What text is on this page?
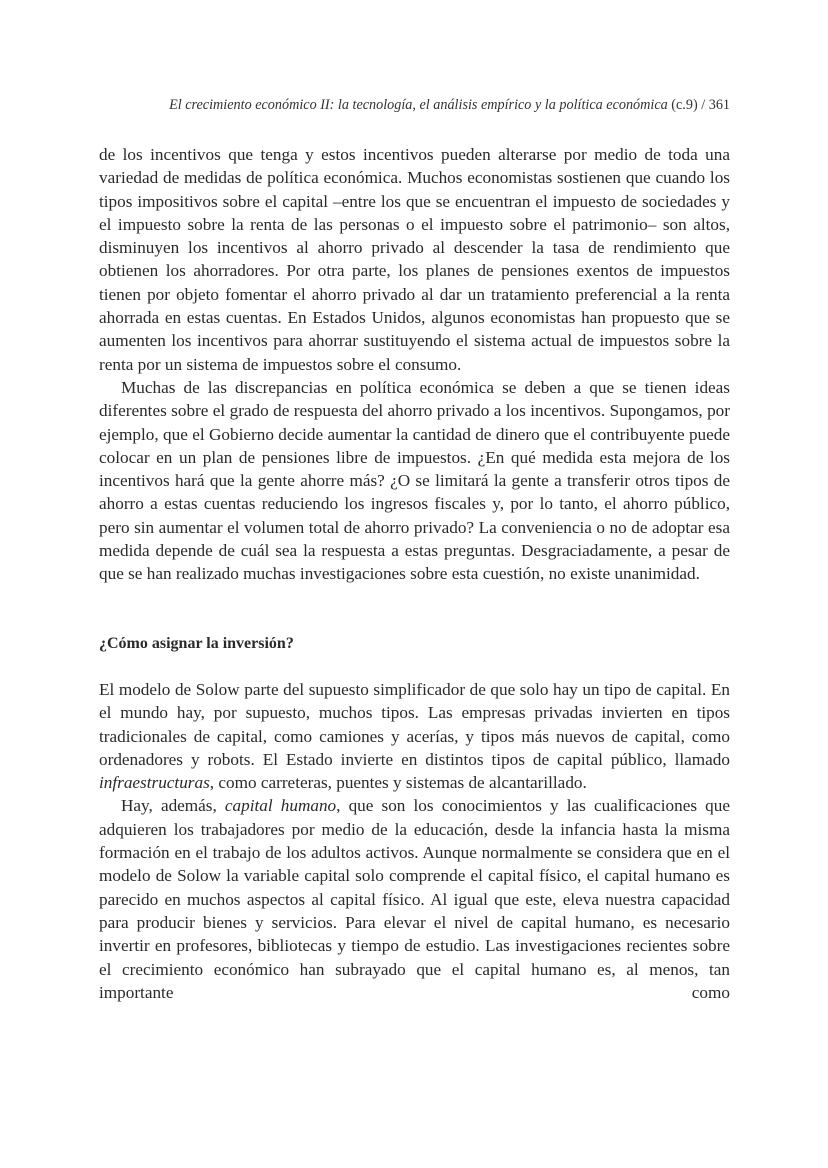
El crecimiento económico II: la tecnología, el análisis empírico y la política económica (c.9) / 361

de los incentivos que tenga y estos incentivos pueden alterarse por medio de toda una variedad de medidas de política económica. Muchos economistas sostienen que cuando los tipos impositivos sobre el capital –entre los que se encuentran el impuesto de sociedades y el impuesto sobre la renta de las personas o el impuesto sobre el patrimonio– son altos, disminuyen los incentivos al ahorro privado al descender la tasa de rendimiento que obtienen los ahorradores. Por otra parte, los planes de pensiones exentos de impuestos tienen por objeto fomentar el ahorro privado al dar un tratamiento preferencial a la renta ahorrada en estas cuentas. En Estados Unidos, algunos economistas han propuesto que se aumenten los incentivos para ahorrar sustituyendo el sistema actual de impuestos sobre la renta por un sistema de impuestos sobre el consumo.

Muchas de las discrepancias en política económica se deben a que se tienen ideas diferentes sobre el grado de respuesta del ahorro privado a los incentivos. Supongamos, por ejemplo, que el Gobierno decide aumentar la cantidad de dinero que el contribuyente puede colocar en un plan de pensiones libre de impuestos. ¿En qué medida esta mejora de los incentivos hará que la gente ahorre más? ¿O se limitará la gente a transferir otros tipos de ahorro a estas cuentas reduciendo los ingresos fiscales y, por lo tanto, el ahorro público, pero sin aumentar el volumen total de ahorro privado? La conveniencia o no de adoptar esa medida depende de cuál sea la respuesta a estas preguntas. Desgraciadamente, a pesar de que se han realizado muchas investigaciones sobre esta cuestión, no existe unanimidad.

¿Cómo asignar la inversión?

El modelo de Solow parte del supuesto simplificador de que solo hay un tipo de capital. En el mundo hay, por supuesto, muchos tipos. Las empresas privadas invierten en tipos tradicionales de capital, como camiones y acerías, y tipos más nuevos de capital, como ordenadores y robots. El Estado invierte en distintos tipos de capital público, llamado infraestructuras, como carreteras, puentes y sistemas de alcantarillado.

Hay, además, capital humano, que son los conocimientos y las cualificaciones que adquieren los trabajadores por medio de la educación, desde la infancia hasta la misma formación en el trabajo de los adultos activos. Aunque normalmente se considera que en el modelo de Solow la variable capital solo comprende el capital físico, el capital humano es parecido en muchos aspectos al capital físico. Al igual que este, eleva nuestra capacidad para producir bienes y servicios. Para elevar el nivel de capital humano, es necesario invertir en profesores, bibliotecas y tiempo de estudio. Las investigaciones recientes sobre el crecimiento económico han subrayado que el capital humano es, al menos, tan importante como
